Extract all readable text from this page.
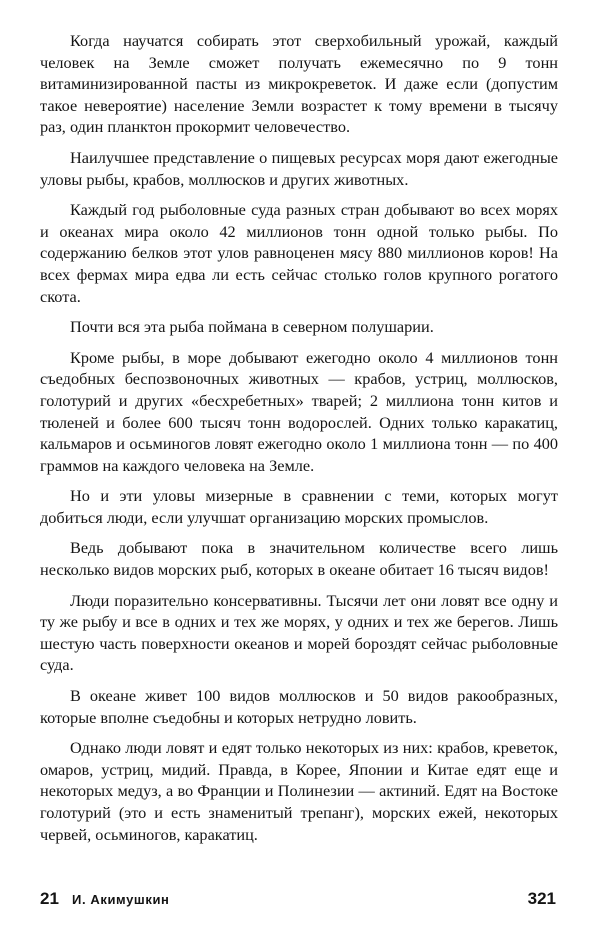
Когда научатся собирать этот сверхобильный урожай, каждый человек на Земле сможет получать ежемесячно по 9 тонн витаминизированной пасты из микрокреветок. И даже если (допустим такое невероятие) население Земли возрастет к тому времени в тысячу раз, один планктон прокормит человечество.

Наилучшее представление о пищевых ресурсах моря дают ежегодные уловы рыбы, крабов, моллюсков и других животных.

Каждый год рыболовные суда разных стран добывают во всех морях и океанах мира около 42 миллионов тонн одной только рыбы. По содержанию белков этот улов равноценен мясу 880 миллионов коров! На всех фермах мира едва ли есть сейчас столько голов крупного рогатого скота.

Почти вся эта рыба поймана в северном полушарии.

Кроме рыбы, в море добывают ежегодно около 4 миллионов тонн съедобных беспозвоночных животных — крабов, устриц, моллюсков, голотурий и других «бесхребетных» тварей; 2 миллиона тонн китов и тюленей и более 600 тысяч тонн водорослей. Одних только каракатиц, кальмаров и осьминогов ловят ежегодно около 1 миллиона тонн — по 400 граммов на каждого человека на Земле.

Но и эти уловы мизерные в сравнении с теми, которых могут добиться люди, если улучшат организацию морских промыслов.

Ведь добывают пока в значительном количестве всего лишь несколько видов морских рыб, которых в океане обитает 16 тысяч видов!

Люди поразительно консервативны. Тысячи лет они ловят все одну и ту же рыбу и все в одних и тех же морях, у одних и тех же берегов. Лишь шестую часть поверхности океанов и морей бороздят сейчас рыболовные суда.

В океане живет 100 видов моллюсков и 50 видов ракообразных, которые вполне съедобны и которых нетрудно ловить.

Однако люди ловят и едят только некоторых из них: крабов, креветок, омаров, устриц, мидий. Правда, в Корее, Японии и Китае едят еще и некоторых медуз, а во Франции и Полинезии — актиний. Едят на Востоке голотурий (это и есть знаменитый трепанг), морских ежей, некоторых червей, осьминогов, каракатиц.

21 И. Акимушкин	321
